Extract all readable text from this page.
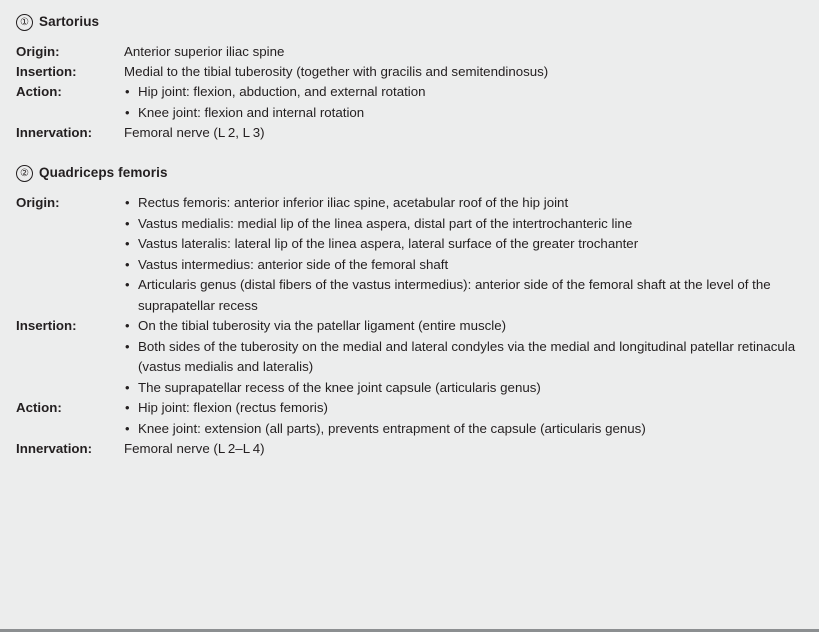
① Sartorius
Origin:	Anterior superior iliac spine

Insertion:	Medial to the tibial tuberosity (together with gracilis and semitendinosus)

Action:	
•Hip joint: flexion, abduction, and external rotation
• Knee joint: flexion and internal rotation

Innervation:	Femoral nerve (L 2, L 3)
② Quadriceps femoris
Origin:	
•Rectus femoris: anterior inferior iliac spine, acetabular roof of the hip joint
• Vastus medialis: medial lip of the linea aspera, distal part of the intertrochanteric line
• Vastus lateralis: lateral lip of the linea aspera, lateral surface of the greater trochanter
• Vastus intermedius: anterior side of the femoral shaft
• Articularis genus (distal fibers of the vastus intermedius): anterior side of the femoral shaft at the level of the suprapatellar recess

Insertion:	
•On the tibial tuberosity via the patellar ligament (entire muscle)
• Both sides of the tuberosity on the medial and lateral condyles via the medial and longitudinal patellar retinacula (vastus medialis and lateralis)
• The suprapatellar recess of the knee joint capsule (articularis genus)

Action:	
•Hip joint: flexion (rectus femoris)
• Knee joint: extension (all parts), prevents entrapment of the capsule (articularis genus)

Innervation:	Femoral nerve (L 2–L 4)
